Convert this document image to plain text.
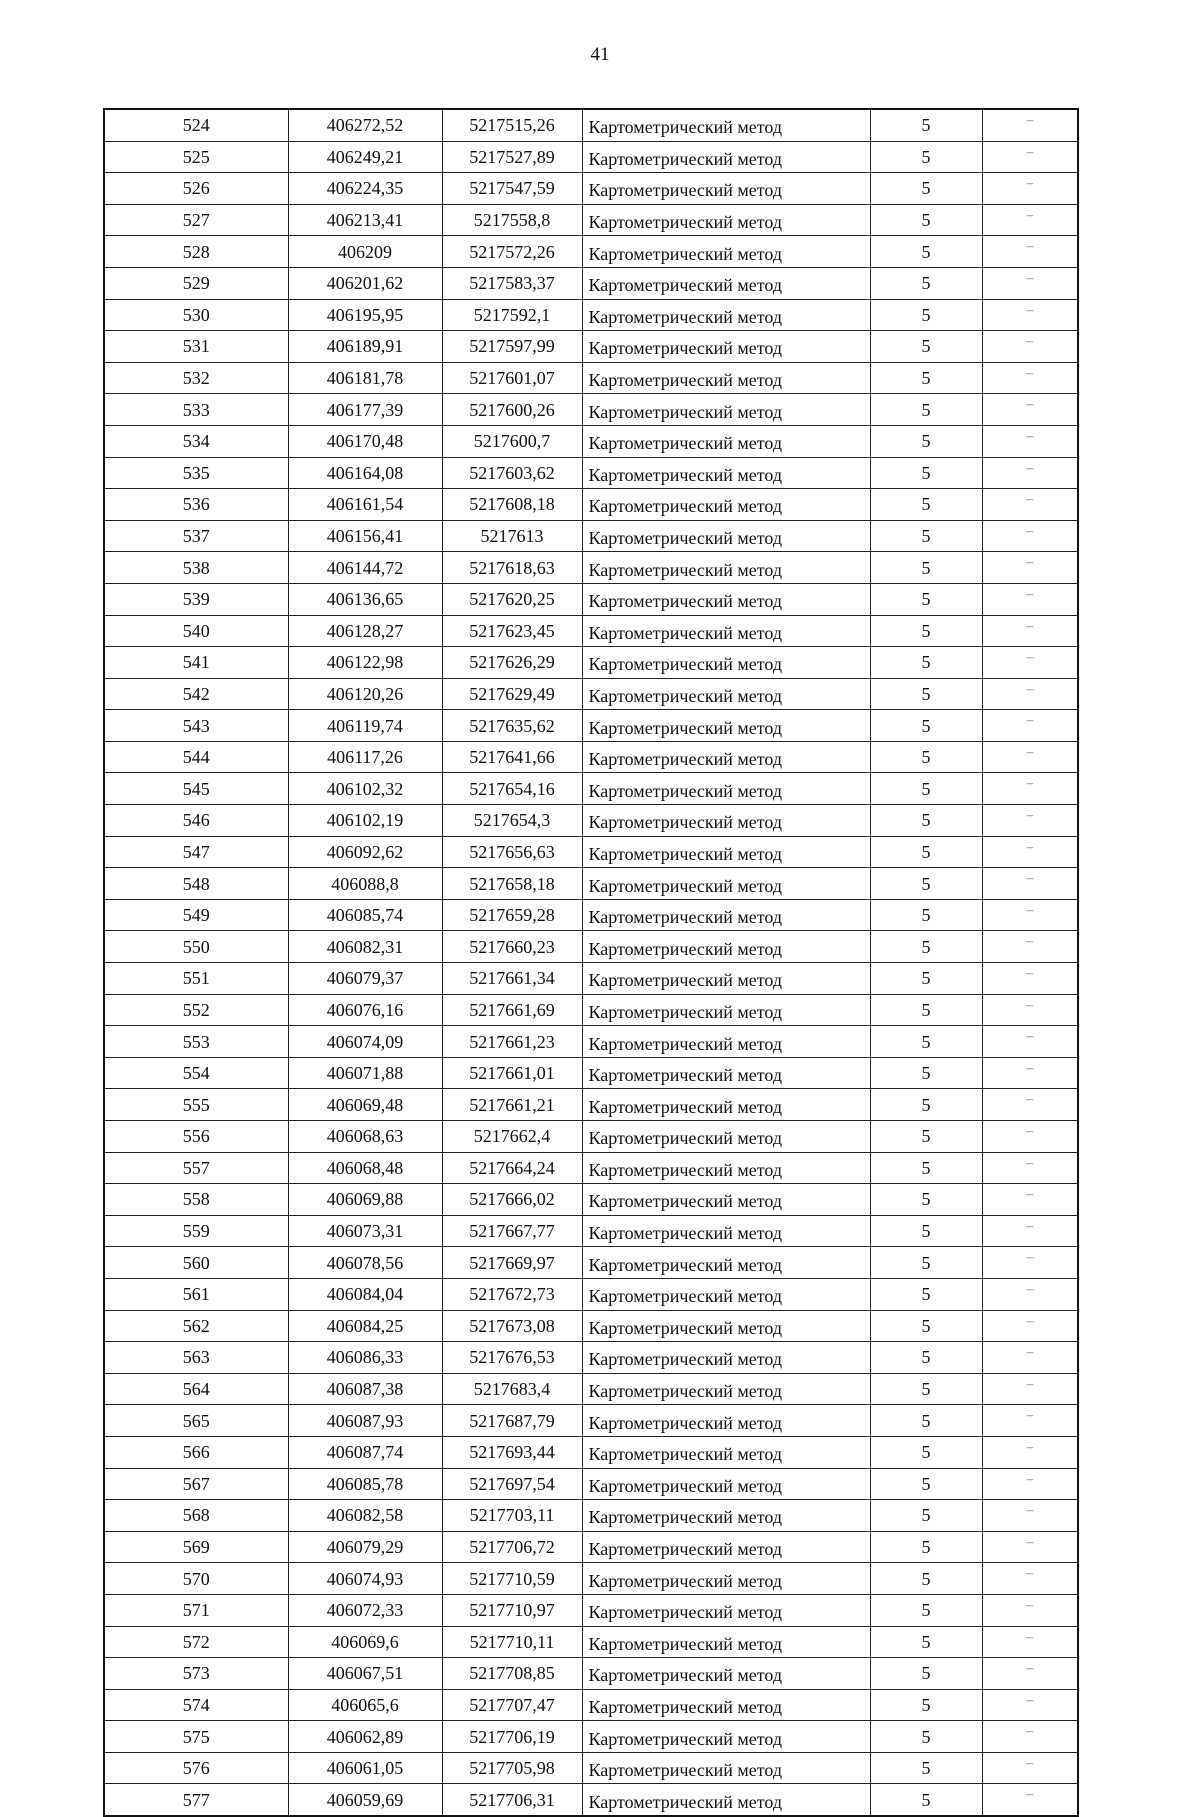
41
524	406272,52	5217515,26	Картометрический метод	5	–
525	406249,21	5217527,89	Картометрический метод	5	–
526	406224,35	5217547,59	Картометрический метод	5	–
527	406213,41	5217558,8	Картометрический метод	5	–
528	406209	5217572,26	Картометрический метод	5	–
529	406201,62	5217583,37	Картометрический метод	5	–
530	406195,95	5217592,1	Картометрический метод	5	–
531	406189,91	5217597,99	Картометрический метод	5	–
532	406181,78	5217601,07	Картометрический метод	5	–
533	406177,39	5217600,26	Картометрический метод	5	–
534	406170,48	5217600,7	Картометрический метод	5	–
535	406164,08	5217603,62	Картометрический метод	5	–
536	406161,54	5217608,18	Картометрический метод	5	–
537	406156,41	5217613	Картометрический метод	5	–
538	406144,72	5217618,63	Картометрический метод	5	–
539	406136,65	5217620,25	Картометрический метод	5	–
540	406128,27	5217623,45	Картометрический метод	5	–
541	406122,98	5217626,29	Картометрический метод	5	–
542	406120,26	5217629,49	Картометрический метод	5	–
543	406119,74	5217635,62	Картометрический метод	5	–
544	406117,26	5217641,66	Картометрический метод	5	–
545	406102,32	5217654,16	Картометрический метод	5	–
546	406102,19	5217654,3	Картометрический метод	5	–
547	406092,62	5217656,63	Картометрический метод	5	–
548	406088,8	5217658,18	Картометрический метод	5	–
549	406085,74	5217659,28	Картометрический метод	5	–
550	406082,31	5217660,23	Картометрический метод	5	–
551	406079,37	5217661,34	Картометрический метод	5	–
552	406076,16	5217661,69	Картометрический метод	5	–
553	406074,09	5217661,23	Картометрический метод	5	–
554	406071,88	5217661,01	Картометрический метод	5	–
555	406069,48	5217661,21	Картометрический метод	5	–
556	406068,63	5217662,4	Картометрический метод	5	–
557	406068,48	5217664,24	Картометрический метод	5	–
558	406069,88	5217666,02	Картометрический метод	5	–
559	406073,31	5217667,77	Картометрический метод	5	–
560	406078,56	5217669,97	Картометрический метод	5	–
561	406084,04	5217672,73	Картометрический метод	5	–
562	406084,25	5217673,08	Картометрический метод	5	–
563	406086,33	5217676,53	Картометрический метод	5	–
564	406087,38	5217683,4	Картометрический метод	5	–
565	406087,93	5217687,79	Картометрический метод	5	–
566	406087,74	5217693,44	Картометрический метод	5	–
567	406085,78	5217697,54	Картометрический метод	5	–
568	406082,58	5217703,11	Картометрический метод	5	–
569	406079,29	5217706,72	Картометрический метод	5	–
570	406074,93	5217710,59	Картометрический метод	5	–
571	406072,33	5217710,97	Картометрический метод	5	–
572	406069,6	5217710,11	Картометрический метод	5	–
573	406067,51	5217708,85	Картометрический метод	5	–
574	406065,6	5217707,47	Картометрический метод	5	–
575	406062,89	5217706,19	Картометрический метод	5	–
576	406061,05	5217705,98	Картометрический метод	5	–
577	406059,69	5217706,31	Картометрический метод	5	–
